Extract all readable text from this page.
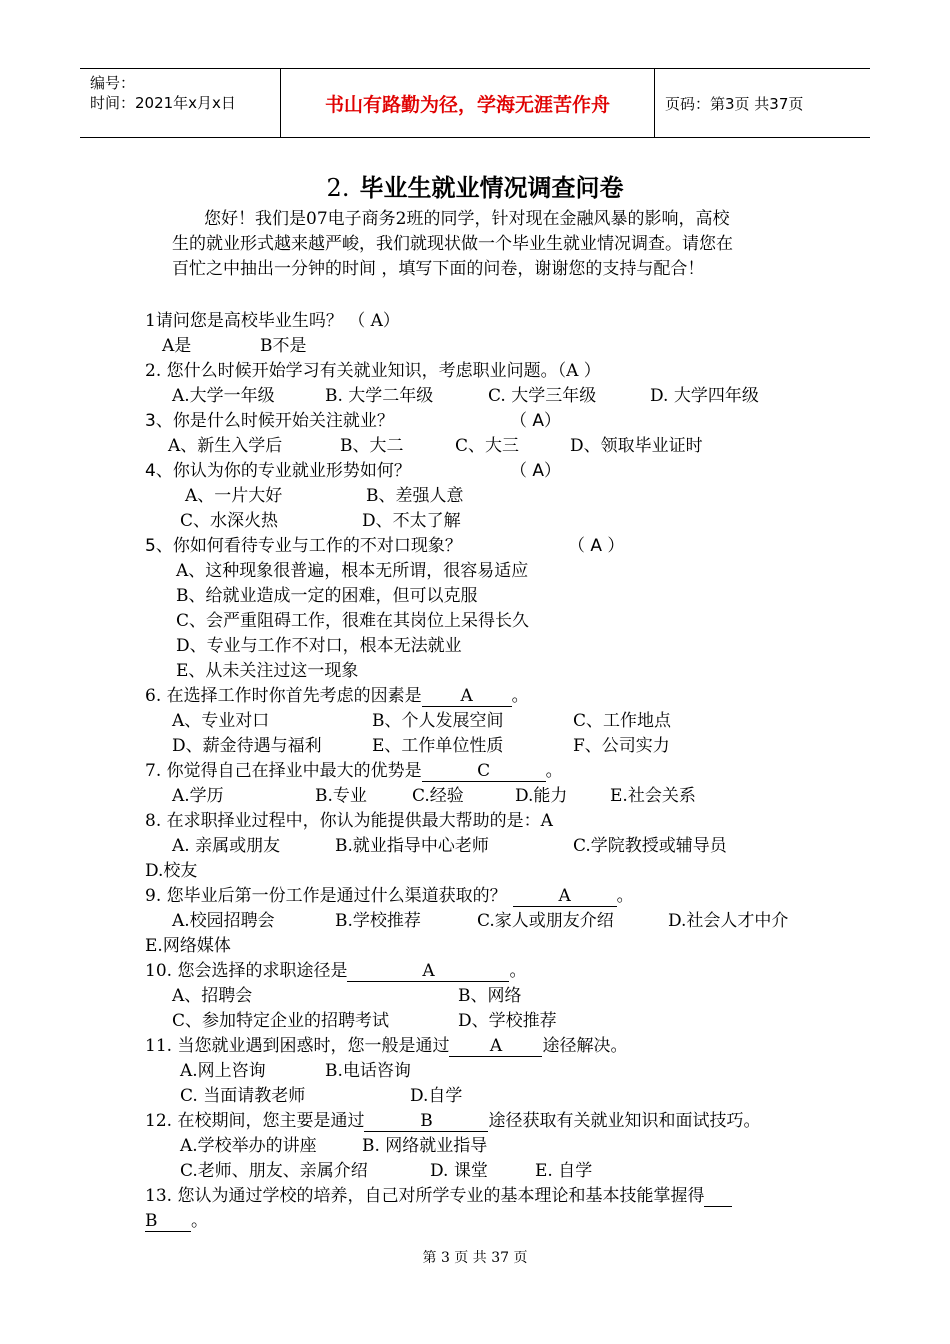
编号：
时间：2021年x月x日	书山有路勤为径，学海无涯苦作舟	页码：第3页 共37页
2. 毕业生就业情况调查问卷

您好！我们是07电子商务2班的同学，针对现在金融风暴的影响，高校

生的就业形式越来越严峻，我们就现状做一个毕业生就业情况调查。请您在

百忙之中抽出一分钟的时间 ，填写下面的问卷，谢谢您的支持与配合！

1请问您是高校毕业生吗？ （ A）
A是	B不是
2. 您什么时候开始学习有关就业知识，考虑职业问题。（A ）
A.大学一年级	B. 大学二年级	C. 大学三年级	D. 大学四年级
3、你是什么时候开始关注就业？	（ A）
A、新生入学后	B、大二	C、大三	D、领取毕业证时
4、你认为你的专业就业形势如何？	（ A）
A、一片大好	B、差强人意
C、水深火热	D、不太了解
5、你如何看待专业与工作的不对口现象？	（ A ）
A、这种现象很普遍，根本无所谓，很容易适应
B、给就业造成一定的困难，但可以克服
C、会严重阻碍工作，很难在其岗位上呆得长久
D、专业与工作不对口，根本无法就业
E、从未关注过这一现象
6. 在选择工作时你首先考虑的因素是 A 。
A、专业对口	B、个人发展空间	C、工作地点
D、薪金待遇与福利	E、工作单位性质	F、公司实力
7. 你觉得自己在择业中最大的优势是	C	。
A.学历	B.专业	C.经验	D.能力	E.社会关系
8. 在求职择业过程中，你认为能提供最大帮助的是：A
A. 亲属或朋友	B.就业指导中心老师	C.学院教授或辅导员
D.校友
9. 您毕业后第一份工作是通过什么渠道获取的？	A	。
A.校园招聘会	B.学校推荐	C.家人或朋友介绍	D.社会人才中介
E.网络媒体
10. 您会选择的求职途径是	A	。
A、招聘会	B、网络
C、参加特定企业的招聘考试	D、学校推荐
11. 当您就业遇到困惑时，您一般是通过 A 途径解决。
A.网上咨询	B.电话咨询
C. 当面请教老师	D.自学
12. 在校期间，您主要是通过	B	途径获取有关就业知识和面试技巧。
A.学校举办的讲座	B. 网络就业指导
C.老师、朋友、亲属介绍	D. 课堂	E. 自学
13. 您认为通过学校的培养，自己对所学专业的基本理论和基本技能掌握得
B 。
第 3 页 共 37 页
